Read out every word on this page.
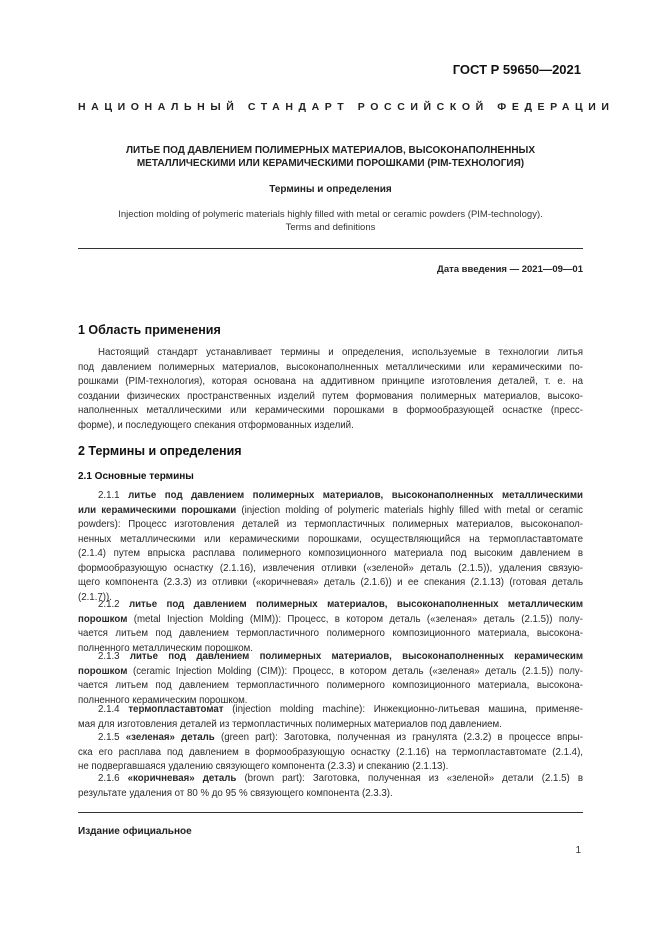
ГОСТ Р 59650—2021
НАЦИОНАЛЬНЫЙ СТАНДАРТ РОССИЙСКОЙ ФЕДЕРАЦИИ
ЛИТЬЕ ПОД ДАВЛЕНИЕМ ПОЛИМЕРНЫХ МАТЕРИАЛОВ, ВЫСОКОНАПОЛНЕННЫХ
МЕТАЛЛИЧЕСКИМИ ИЛИ КЕРАМИЧЕСКИМИ ПОРОШКАМИ (PIM-ТЕХНОЛОГИЯ)
Термины и определения
Injection molding of polymeric materials highly filled with metal or ceramic powders (PIM-technology).
Terms and definitions
Дата введения — 2021—09—01
1 Область применения
Настоящий стандарт устанавливает термины и определения, используемые в технологии литья
под давлением полимерных материалов, высоконаполненных металлическими или керамическими по-
рошками (PIM-технология), которая основана на аддитивном принципе изготовления деталей, т. е. на
создании физических пространственных изделий путем формования полимерных материалов, высоко-
наполненных металлическими или керамическими порошками в формообразующей оснастке (пресс-
форме), и последующего спекания отформованных изделий.
2 Термины и определения
2.1 Основные термины
2.1.1 литье под давлением полимерных материалов, высоконаполненных металлическими
или керамическими порошками (injection molding of polymeric materials highly filled with metal or ceramic
powders): Процесс изготовления деталей из термопластичных полимерных материалов, высоконапол-
ненных металлическими или керамическими порошками, осуществляющийся на термопластавтомате
(2.1.4) путем впрыска расплава полимерного композиционного материала под высоким давлением в
формообразующую оснастку (2.1.16), извлечения отливки («зеленой» деталь (2.1.5)), удаления связую-
щего компонента (2.3.3) из отливки («коричневая» деталь (2.1.6)) и ее спекания (2.1.13) (готовая деталь
(2.1.7)).
2.1.2 литье под давлением полимерных материалов, высоконаполненных металлическим
порошком (metal Injection Molding (MIM)): Процесс, в котором деталь («зеленая» деталь (2.1.5)) полу-
чается литьем под давлением термопластичного полимерного композиционного материала, высокона-
полненного металлическим порошком.
2.1.3 литье под давлением полимерных материалов, высоконаполненных керамическим
порошком (ceramic Injection Molding (CIM)): Процесс, в котором деталь («зеленая» деталь (2.1.5)) полу-
чается литьем под давлением термопластичного полимерного композиционного материала, высокона-
полненного керамическим порошком.
2.1.4 термопластавтомат (injection molding machine): Инжекционно-литьевая машина, применяе-
мая для изготовления деталей из термопластичных полимерных материалов под давлением.
2.1.5 «зеленая» деталь (green part): Заготовка, полученная из гранулята (2.3.2) в процессе впры-
ска его расплава под давлением в формообразующую оснастку (2.1.16) на термопластавтомате (2.1.4),
не подвергавшаяся удалению связующего компонента (2.3.3) и спеканию (2.1.13).
2.1.6 «коричневая» деталь (brown part): Заготовка, полученная из «зеленой» детали (2.1.5) в
результате удаления от 80 % до 95 % связующего компонента (2.3.3).
Издание официальное
1
